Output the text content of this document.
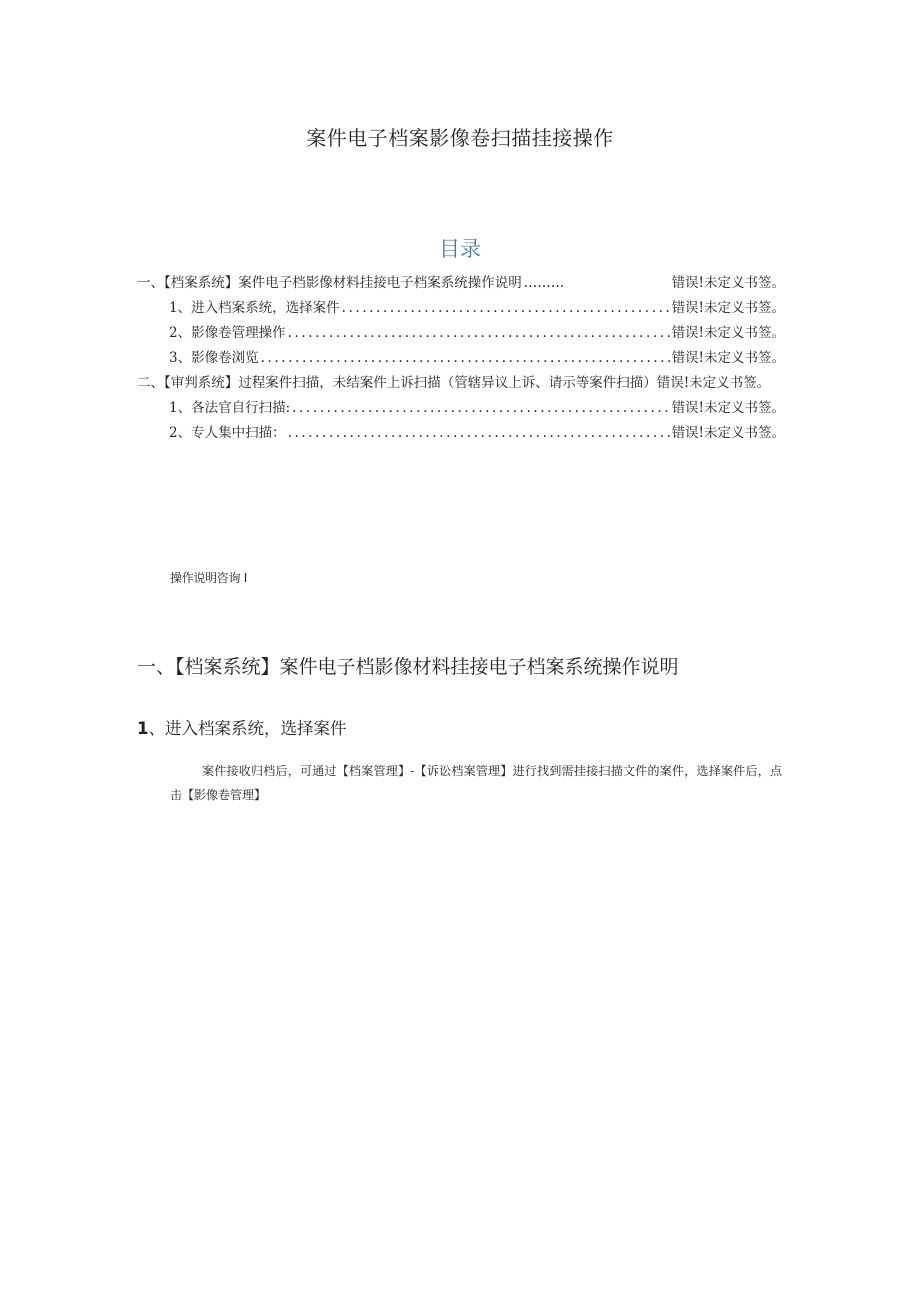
案件电子档案影像卷扫描挂接操作
目录
一、【档案系统】案件电子档影像材料挂接电子档案系统操作说明 ………	错误!未定义书签。
1、进入档案系统，选择案件 .....	错误!未定义书签。
2、影像卷管理操作 .....	错误!未定义书签。
3、影像卷浏览 .....	错误!未定义书签。
二、【审判系统】过程案件扫描，未结案件上诉扫描（管辖异议上诉、请示等案件扫描）错误!未定义书签。
1、各法官自行扫描: .....	错误!未定义书签。
2、专人集中扫描： .....	错误!未定义书签。
操作说明咨询 I
一、【档案系统】案件电子档影像材料挂接电子档案系统操作说明
1、进入档案系统，选择案件
案件接收归档后，可通过【档案管理】-【诉讼档案管理】进行找到需挂接扫描文件的案件，选择案件后，点击【影像卷管理】
